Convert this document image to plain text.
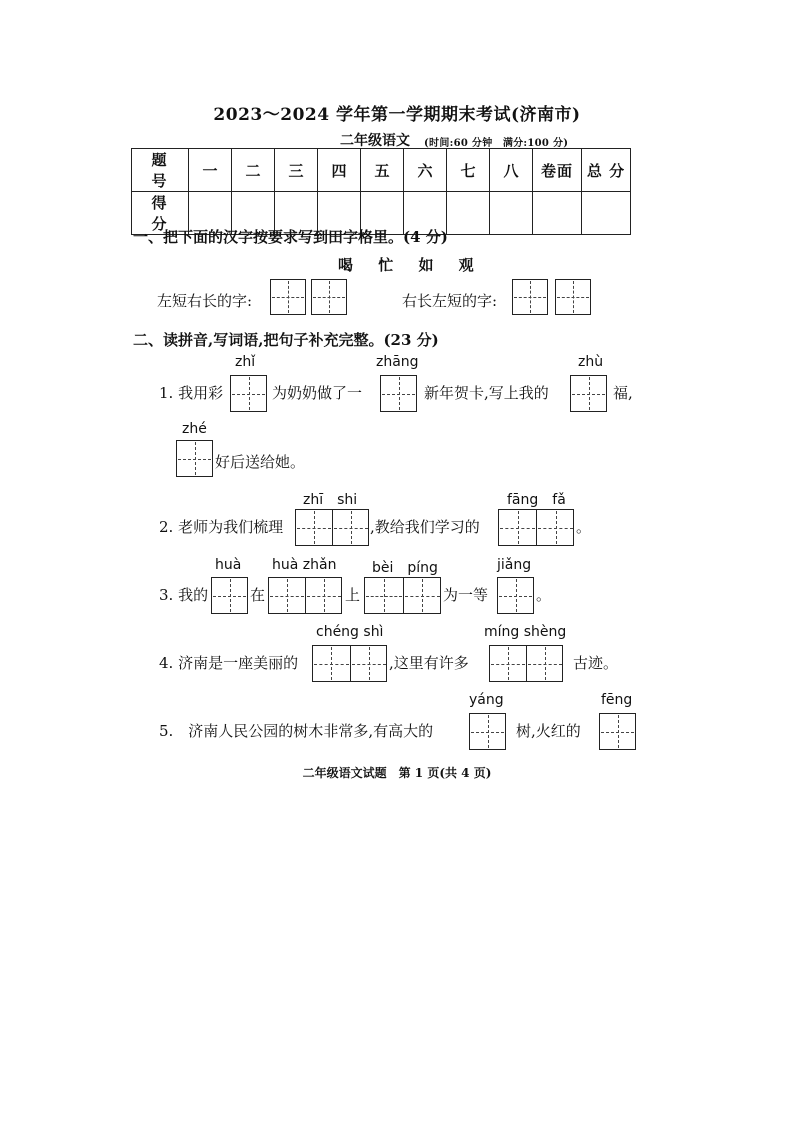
2023～2024 学年第一学期期末考试(济南市)
二年级语文 (时间:60 分钟　满分:100 分)
题 号	一	二	三	四	五	六	七	八	卷面	总 分
得 分										
一、把下面的汉字按要求写到田字格里。(4 分)
喝 忙 如 观
左短右长的字:	右长左短的字:
二、读拼音,写词语,把句子补充完整。(23 分)
zhǐ	zhāng	zhù
1. 我用彩	为奶奶做了一	新年贺卡,写上我的	福,
zhé
好后送给她。
zhī　shi	fāng　fǎ
2. 老师为我们梳理	,教给我们学习的	。
huà huà zhǎn	bèi　píng	jiǎng
3. 我的	在	上	为一等	。
chéng shì	míng shèng
4. 济南是一座美丽的	,这里有许多	古迹。
yáng	fēng
5.　济南人民公园的树木非常多,有高大的	树,火红的
二年级语文试题　第 1 页(共 4 页)
